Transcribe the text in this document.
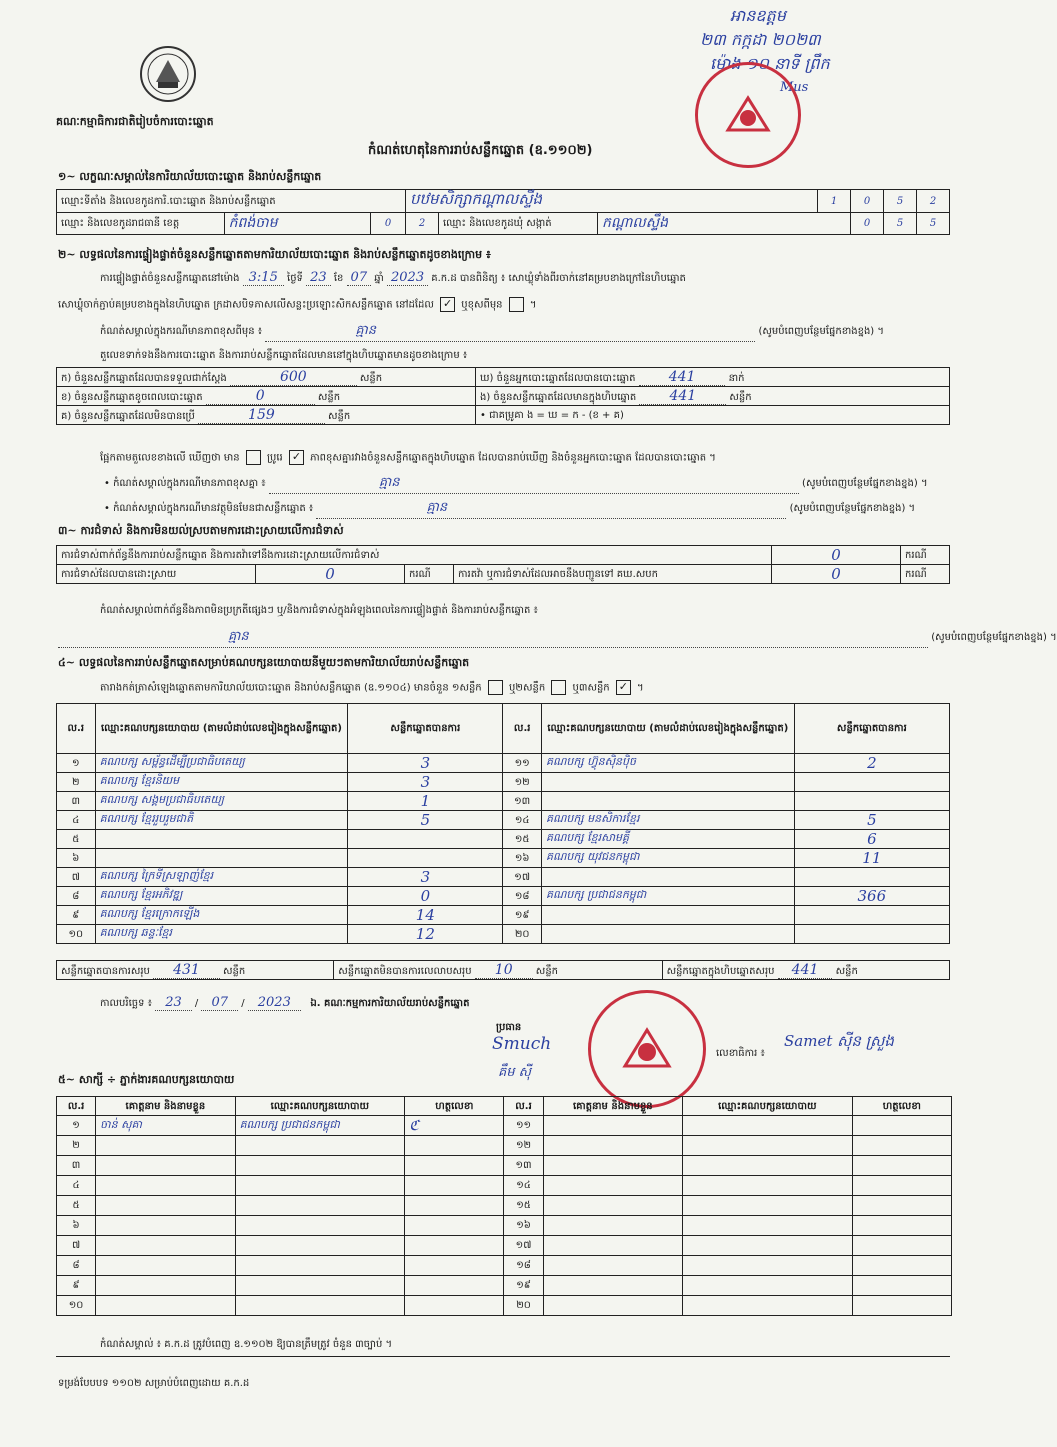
គណៈកម្មាធិការជាតិរៀបចំការបោះឆ្នោត
កំណត់ហេតុនៃការរាប់សន្លឹកឆ្នោត (ឧ.១១០២)
អានឧត្តម
២៣ កក្កដា ២០២៣
ម៉ោង ១០ នាទី ព្រឹក
Mus
១~ លក្ខណៈសម្គាល់នៃការិយាល័យបោះឆ្នោត និងរាប់សន្លឹកឆ្នោត
ឈ្មោះទីតាំង និងលេខកូដការិ.បោះឆ្នោត និងរាប់សន្លឹកឆ្នោត			បឋមសិក្សាកណ្ដាលស្ទឹង			1	0	5	2
ឈ្មោះ និងលេខកូដរាជធានី ខេត្ត	កំពង់ចាម	0	2	ឈ្មោះ និងលេខកូដឃុំ សង្កាត់	កណ្ដាលស្ទឹង		0	5	5
២~ លទ្ធផលនៃការផ្ទៀងផ្ទាត់ចំនួនសន្លឹកឆ្នោតតាមការិយាល័យបោះឆ្នោត និងរាប់សន្លឹកឆ្នោតដូចខាងក្រោម ៖
ការផ្ទៀងផ្ទាត់ចំនួនសន្លឹកឆ្នោតនៅម៉ោង 3:15 ថ្ងៃទី 23 ខែ 07 ឆ្នាំ 2023 គ.ក.ដ បានពិនិត្យ ៖ សោឃ្លុំទាំងពីរចាក់នៅគម្របខាងក្រៅនៃហិបឆ្នោត
សោឃ្លុំចាក់ភ្ជាប់គម្របខាងក្នុងនៃហិបឆ្នោត ក្រដាសបិទភាសលើសន្លះប្រឡោះសិកសន្លឹកឆ្នោត នៅដដែល ✓ ឬខុសពីមុន  ។
កំណត់សម្គាល់ក្នុងករណីមានភាពខុសពីមុន ៖	គ្មាន	(សូមបំពេញបន្ថែមផ្នែកខាងខ្នង) ។
តួលេខទាក់ទងនឹងការបោះឆ្នោត និងការរាប់សន្លឹកឆ្នោតដែលមាននៅក្នុងហិបឆ្នោតមានដូចខាងក្រោម ៖
ក) ចំនួនសន្លឹកឆ្នោតដែលបានទទួលជាក់ស្តែង 600 សន្លឹក	ឃ) ចំនួនអ្នកបោះឆ្នោតដែលបានបោះឆ្នោត 441 នាក់
ខ) ចំនួនសន្លឹកឆ្នោតខូចពេលបោះឆ្នោត 0 សន្លឹក	ង) ចំនួនសន្លឹកឆ្នោតដែលមានក្នុងហិបឆ្នោត 441 សន្លឹក
គ) ចំនួនសន្លឹកឆ្នោតដែលមិនបានប្រើ 159 សន្លឹក	• ជាគម្រូគា ង = ឃ = ក - (ខ + គ)
ផ្អែកតាមតួលេខខាងលើ ឃើញថា មាន	ប្រូរេ ✓ ភាពខុសគ្នារវាងចំនួនសន្លឹកឆ្នោតក្នុងហិបឆ្នោត ដែលបានរាប់ឃើញ និងចំនួនអ្នកបោះឆ្នោត ដែលបានបោះឆ្នោត ។
• កំណត់សម្គាល់ក្នុងករណីមានភាពខុសគ្នា ៖	គ្មាន	(សូមបំពេញបន្ថែមផ្នែកខាងខ្នង) ។
• កំណត់សម្គាល់ក្នុងករណីមានវត្ថុមិនមែនជាសន្លឹកឆ្នោត ៖	គ្មាន	(សូមបំពេញបន្ថែមផ្នែកខាងខ្នង) ។
៣~ ការជំទាស់ និងការមិនយល់ស្របតាមការដោះស្រាយលើការជំទាស់
ការជំទាស់ពាក់ព័ន្ធនឹងការរាប់សន្លឹកឆ្នោត និងការតវ៉ាទៅនឹងការដោះស្រាយលើការជំទាស់				0	ករណី
ការជំទាស់ដែលបានដោះស្រាយ	0	ករណី	ការតវ៉ា ឬការជំទាស់ដែលអាចនឹងបញ្ជូនទៅ គឃ.សបក	0	ករណី
កំណត់សម្គាល់ពាក់ព័ន្ធនឹងភាពមិនប្រក្រតីផ្សេងៗ ឬ/និងការជំទាស់ក្នុងអំឡុងពេលនៃការផ្ទៀងផ្ទាត់ និងការរាប់សន្លឹកឆ្នោត ៖
គ្មាន	(សូមបំពេញបន្ថែមផ្នែកខាងខ្នង) ។
៤~ លទ្ធផលនៃការរាប់សន្លឹកឆ្នោតសម្រាប់គណបក្សនយោបាយនីមួយៗតាមការិយាល័យរាប់សន្លឹកឆ្នោត
តារាងកត់ត្រាសំឡេងឆ្នោតតាមការិយាល័យបោះឆ្នោត និងរាប់សន្លឹកឆ្នោត (ឧ.១១០៤) មានចំនួន ១សន្លឹក	ឬ២សន្លឹក	ឬ៣សន្លឹក ✓ ។
ល.រ	ឈ្មោះគណបក្សនយោបាយ (តាមលំដាប់លេខរៀងក្នុងសន្លឹកឆ្នោត)	សន្លឹកឆ្នោតបានការ	ល.រ	ឈ្មោះគណបក្សនយោបាយ (តាមលំដាប់លេខរៀងក្នុងសន្លឹកឆ្នោត)	សន្លឹកឆ្នោតបានការ
១	គណបក្ស សម្ព័ន្ធដើម្បីប្រជាធិបតេយ្យ	3	១១	គណបក្ស ហ៊្វុនស៊ិនប៉ិច	2
២	គណបក្ស ខ្មែរនិយម	3	១២		
៣	គណបក្ស សង្គមប្រជាធិបតេយ្យ	1	១៣		
៤	គណបក្ស ខ្មែររួបរួមជាតិ	5	១៤	គណបក្ស មនសិការខ្មែរ	5
៥			១៥	គណបក្ស ខ្មែរសាមគ្គី	6
៦			១៦	គណបក្ស យុវជនកម្ពុជា	11
៧	គណបក្ស ក្រៃទីស្រឡាញ់ខ្មែរ	3	១៧		
៨	គណបក្ស ខ្មែរអភិវឌ្ឍ	0	១៨	គណបក្ស ប្រជាជនកម្ពុជា	366
៩	គណបក្ស ខ្មែរក្រោកឡើង	14	១៩		
១០	គណបក្ស ឆន្ទៈខ្មែរ	12	២០		
សន្លឹកឆ្នោតបានការសរុប 431 សន្លឹក	សន្លឹកឆ្នោតមិនបានការលេលាបសរុប 10 សន្លឹក	សន្លឹកឆ្នោតក្នុងហិបឆ្នោតសរុប 441 សន្លឹក
កាលបរិច្ឆេទ ៖ 23 / 07 / 2023 ឯ. គណៈកម្មការការិយាល័យរាប់សន្លឹកឆ្នោត
ប្រធាន
Smuch
គឹម ស៊ី
លេខាធិការ ៖
Samet ស៊ីន ស្រួង
៥~ សាក្សី ÷ ភ្នាក់ងារគណបក្សនយោបាយ
ល.រ	គោត្តនាម និងនាមខ្លួន	ឈ្មោះគណបក្សនយោបាយ	ហត្ថលេខា	ល.រ	គោត្តនាម និងនាមខ្លួន	ឈ្មោះគណបក្សនយោបាយ	ហត្ថលេខា
១	ចាន់ សុគា	គណបក្ស ប្រជាជនកម្ពុជា	ℭ	១១			
២				១២			
៣				១៣			
៤				១៤			
៥				១៥			
៦				១៦			
៧				១៧			
៨				១៨			
៩				១៩			
១០				២០			
កំណត់សម្គាល់ ៖ គ.ក.ដ ត្រូវបំពេញ ឧ.១១០២ ឱ្យបានត្រឹមត្រូវ ចំនួន ៣ច្បាប់ ។
ទម្រង់បែបបទ ១១០២ សម្រាប់បំពេញដោយ គ.ក.ដ
